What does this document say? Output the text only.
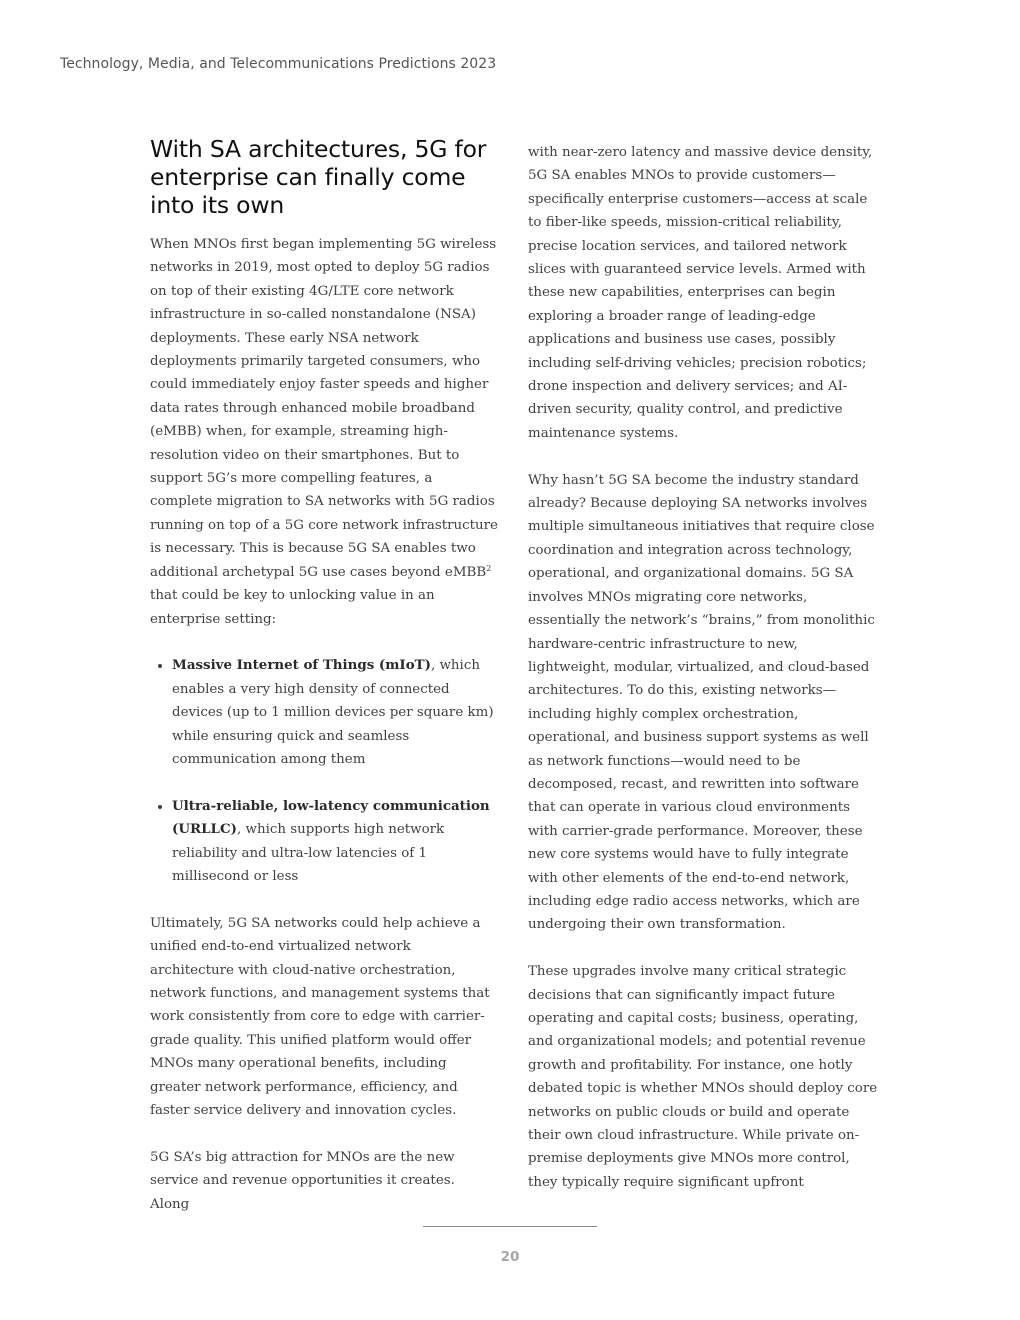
Technology, Media, and Telecommunications Predictions 2023
With SA architectures, 5G for enterprise can finally come into its own

When MNOs first began implementing 5G wireless networks in 2019, most opted to deploy 5G radios on top of their existing 4G/LTE core network infrastructure in so-called nonstandalone (NSA) deployments. These early NSA network deployments primarily targeted consumers, who could immediately enjoy faster speeds and higher data rates through enhanced mobile broadband (eMBB) when, for example, streaming high-resolution video on their smartphones. But to support 5G’s more compelling features, a complete migration to SA networks with 5G radios running on top of a 5G core network infrastructure is necessary. This is because 5G SA enables two additional archetypal 5G use cases beyond eMBB$^2$ that could be key to unlocking value in an enterprise setting:

• Massive Internet of Things (mIoT), which enables a very high density of connected devices (up to 1 million devices per square km) while ensuring quick and seamless communication among them
• Ultra-reliable, low-latency communication (URLLC), which supports high network reliability and ultra-low latencies of 1 millisecond or less

Ultimately, 5G SA networks could help achieve a unified end-to-end virtualized network architecture with cloud-native orchestration, network functions, and management systems that work consistently from core to edge with carrier-grade quality. This unified platform would offer MNOs many operational benefits, including greater network performance, efficiency, and faster service delivery and innovation cycles.

5G SA’s big attraction for MNOs are the new service and revenue opportunities it creates. Along

with near-zero latency and massive device density, 5G SA enables MNOs to provide customers—specifically enterprise customers—access at scale to fiber-like speeds, mission-critical reliability, precise location services, and tailored network slices with guaranteed service levels. Armed with these new capabilities, enterprises can begin exploring a broader range of leading-edge applications and business use cases, possibly including self-driving vehicles; precision robotics; drone inspection and delivery services; and AI-driven security, quality control, and predictive maintenance systems.

Why hasn’t 5G SA become the industry standard already? Because deploying SA networks involves multiple simultaneous initiatives that require close coordination and integration across technology, operational, and organizational domains. 5G SA involves MNOs migrating core networks, essentially the network’s “brains,” from monolithic hardware-centric infrastructure to new, lightweight, modular, virtualized, and cloud-based architectures. To do this, existing networks—including highly complex orchestration, operational, and business support systems as well as network functions—would need to be decomposed, recast, and rewritten into software that can operate in various cloud environments with carrier-grade performance. Moreover, these new core systems would have to fully integrate with other elements of the end-to-end network, including edge radio access networks, which are undergoing their own transformation.

These upgrades involve many critical strategic decisions that can significantly impact future operating and capital costs; business, operating, and organizational models; and potential revenue growth and profitability. For instance, one hotly debated topic is whether MNOs should deploy core networks on public clouds or build and operate their own cloud infrastructure. While private on-premise deployments give MNOs more control, they typically require significant upfront

20
